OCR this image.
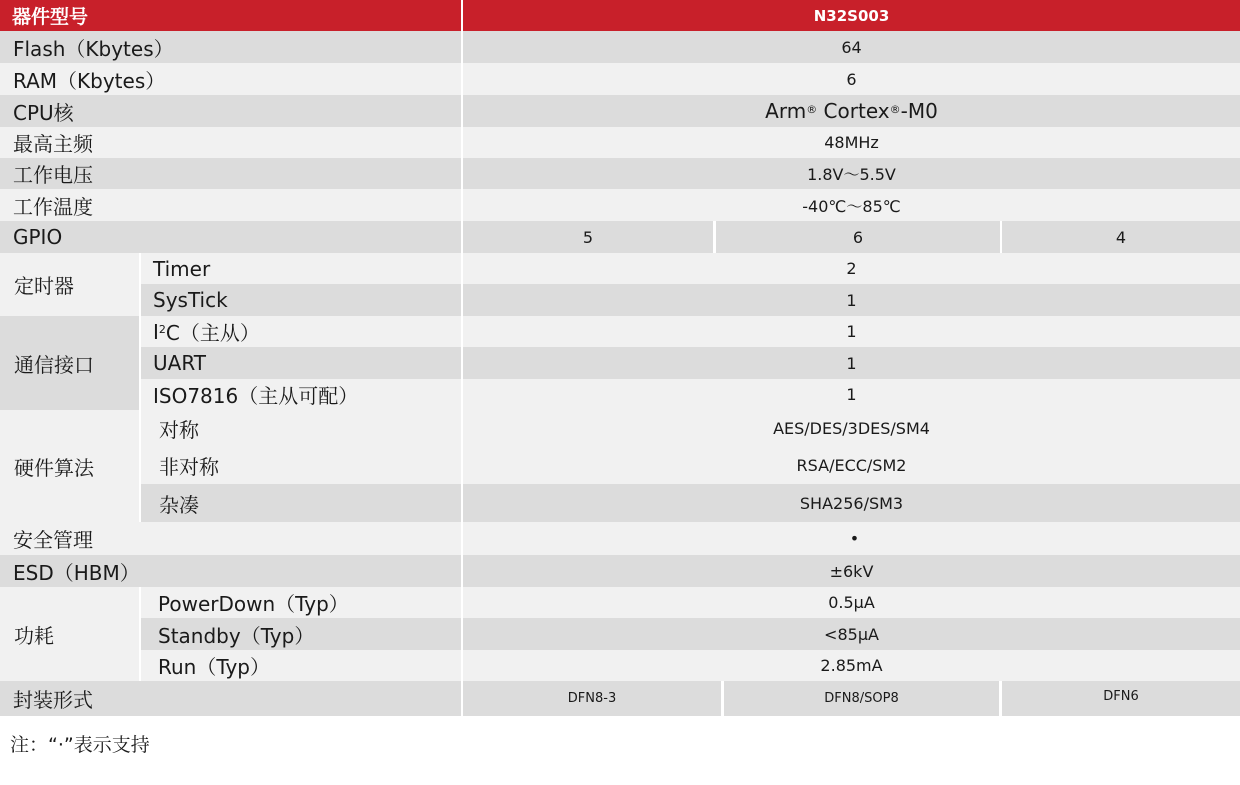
器件型号	N32S003
Flash（Kbytes）	64
RAM（Kbytes）	6
CPU核	Arm® Cortex® -M0
最高主频	48MHz
工作电压	1.8V～5.5V
工作温度	-40℃～85℃
GPIO	5	6	4
定时器
Timer	2
SysTick	1
通信接口
$I^2$ C（主从）	1
UART	1
ISO7816（主从可配）	1
硬件算法
对称	AES/DES/3DES/SM4
非对称	RSA/ECC/SM2
杂凑	SHA256/SM3
安全管理	•
ESD（HBM）	±6kV
功耗
PowerDown（Typ）	0.5μA
Standby（Typ）	<85μA
Run（Typ）	2.85mA
封装形式	DFN8-3	DFN8/SOP8	DFN6
注：“·”表示支持
